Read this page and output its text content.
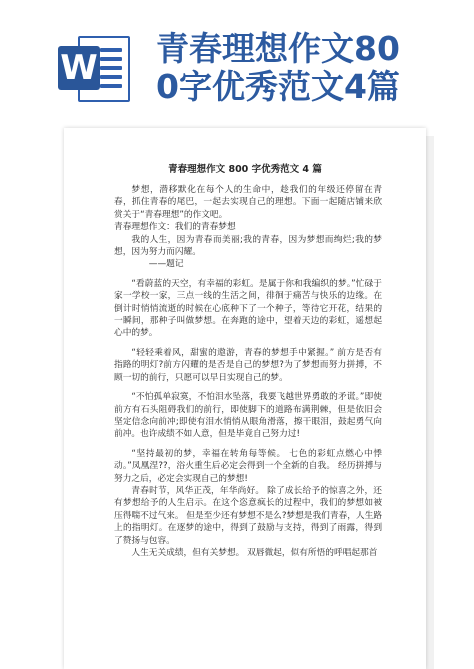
W 青春理想作文80
0字优秀范文4篇
青春理想作文 800 字优秀范文 4 篇

梦想，潜移默化在每个人的生命中，趁我们的年级还停留在青春，抓住青春的尾巴，一起去实现自己的理想。下面一起随店铺来欣赏关于“青春理想”的作文吧。

青春理想作文：我们的青春梦想

我的人生，因为青春而美丽;我的青春，因为梦想而绚烂;我的梦想，因为努力而闪耀。

——题记

“看蔚蓝的天空，有幸福的彩虹。是属于你和我编织的梦。”忙碌于家一学校一家，三点一线的生活之间，徘徊于痛苦与快乐的边缘。在倒计时悄悄流逝的时候在心底种下了一个种子，等待它开花，结果的一瞬间，那种子叫做梦想。在奔跑的途中，望着天边的彩虹，遥想起心中的梦。

“轻轻乘着风，甜蜜的遨游，青春的梦想手中紧握。” 前方是否有指路的明灯?前方闪耀的是否是自己的梦想?为了梦想而努力拼搏，不顾一切的前行，只愿可以早日实现自己的梦。

“不怕孤单寂寞，不怕泪水坠落，我要飞越世界勇敢的矛谎。”即使前方有石头阻碍我们的前行，即使脚下的道路布满荆棘，但是依旧会坚定信念向前冲;即使有泪水悄悄从眼角滑落，擦干眼泪，鼓起勇气向前冲。也许成绩不如人意，但是毕竟自己努力过!

“坚持最初的梦，幸福在转角每等候。 七色的彩虹点燃心中悸动。”凤凰涅??，浴火重生后必定会得到一个全新的自我。 经历拼搏与努力之后，必定会实现自己的梦想!

青春时节，风华正茂，年华尚好。 除了成长给予的惊喜之外，还有梦想给予的人生启示。在这个恣意疯长的过程中，我们的梦想如被压得喘不过气来。 但是至少还有梦想不是么?梦想是我们青春，人生路上的指明灯。在逐梦的途中，得到了鼓励与支持，得到了雨露，得到了赞扬与包容。

人生无关成绩，但有关梦想。 双唇微起，似有所悟的呼唱起那首
